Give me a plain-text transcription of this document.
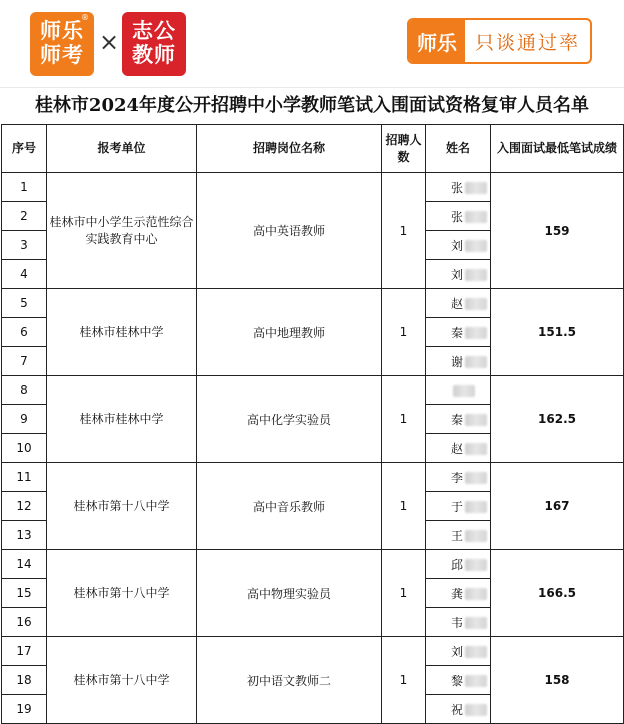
师乐
师考
®
× 志公
教师
师乐 只谈通过率
桂林市2024年度公开招聘中小学教师笔试入围面试资格复审人员名单
序号	报考单位	招聘岗位名称	招聘人数	姓名	入围面试最低笔试成绩
1	桂林市中小学生示范性综合实践教育中心	高中英语教师	1	张	159
2				张	
3				刘	
4				刘	
5	桂林市桂林中学	高中地理教师	1	赵	151.5
6				秦	
7				谢	
8	桂林市桂林中学	高中化学实验员	1		162.5
9				秦	
10				赵	
11	桂林市第十八中学	高中音乐教师	1	李	167
12				于	
13				王	
14	桂林市第十八中学	高中物理实验员	1	邱	166.5
15				龚	
16				韦	
17	桂林市第十八中学	初中语文教师二	1	刘	158
18				黎	
19				祝	
